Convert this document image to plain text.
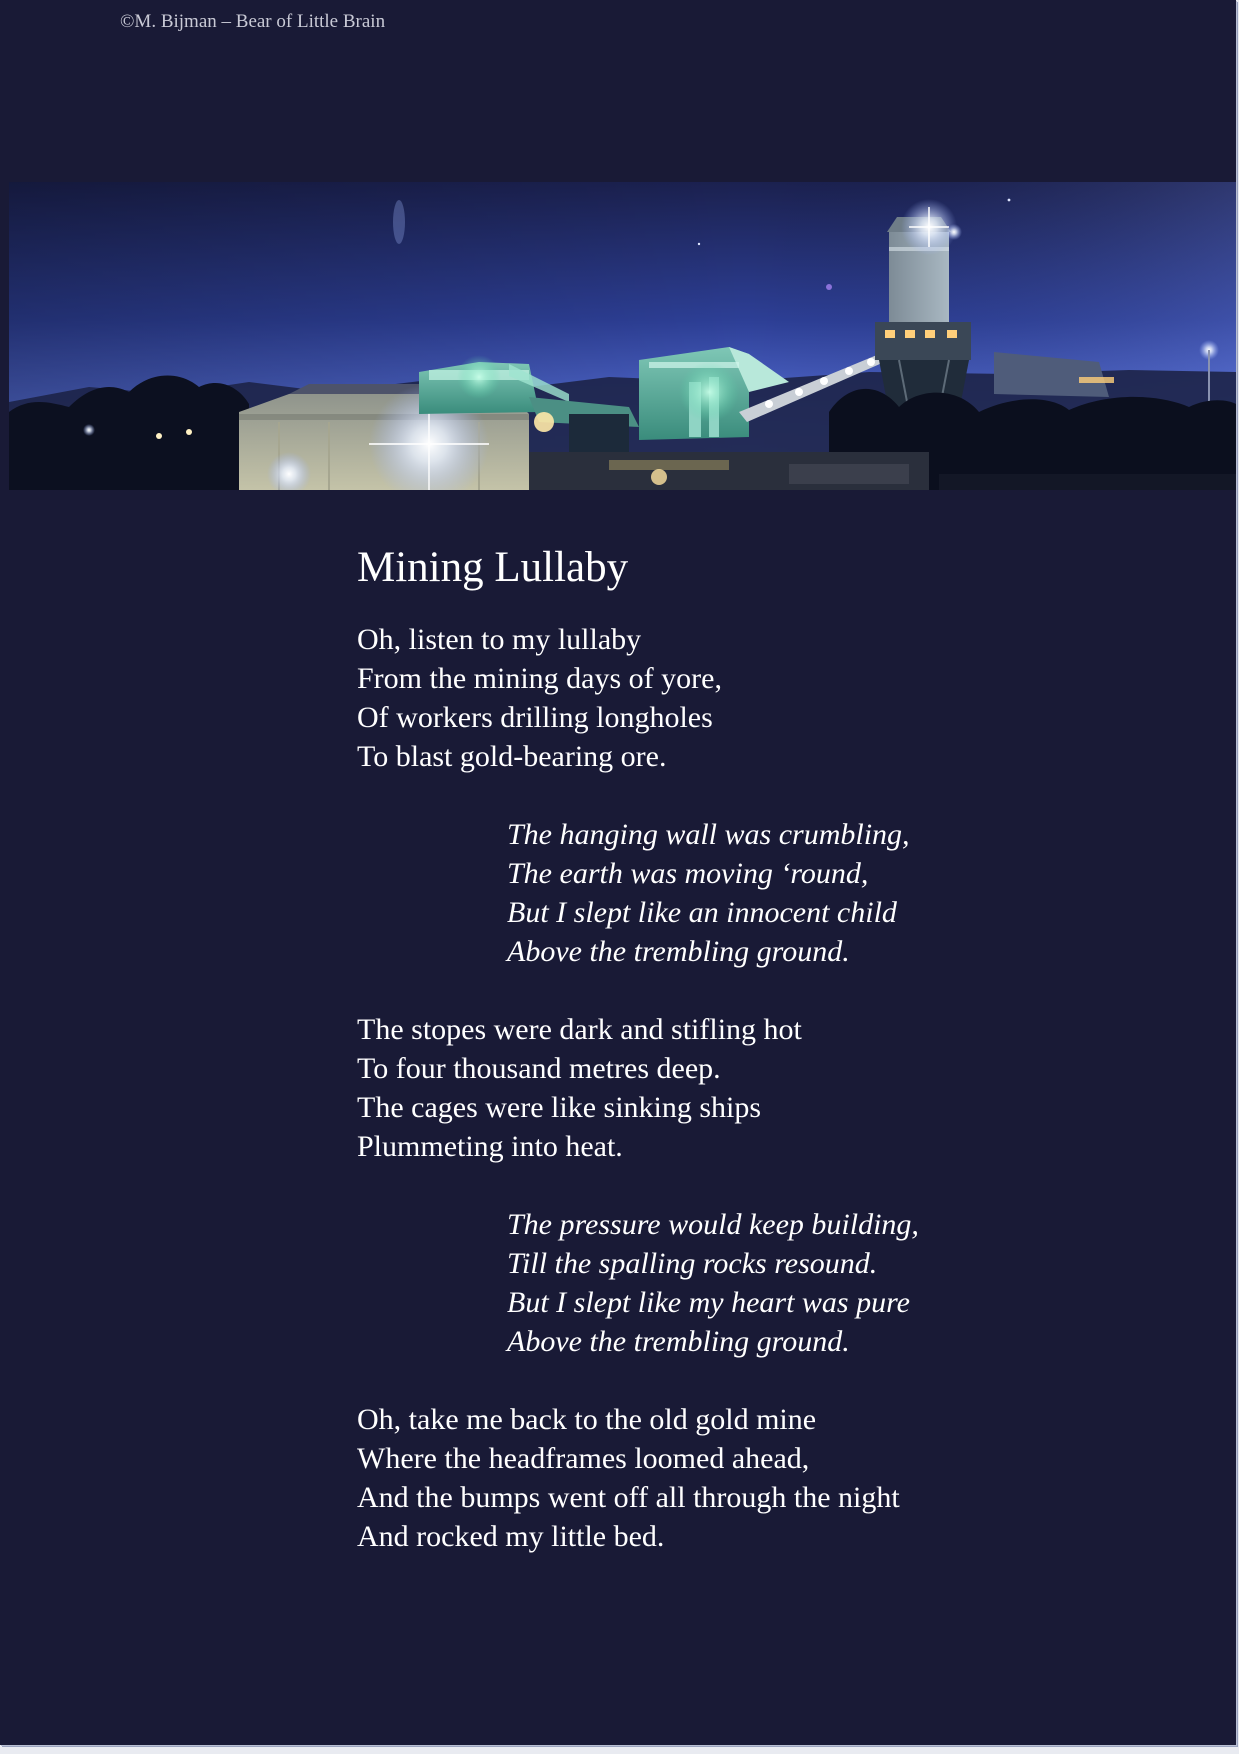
©M. Bijman – Bear of Little Brain
Mining Lullaby
Oh, listen to my lullaby
From the mining days of yore,
Of workers drilling longholes
To blast gold-bearing ore.
The hanging wall was crumbling,
The earth was moving ‘round,
But I slept like an innocent child
Above the trembling ground.
The stopes were dark and stifling hot
To four thousand metres deep.
The cages were like sinking ships
Plummeting into heat.
The pressure would keep building,
Till the spalling rocks resound.
But I slept like my heart was pure
Above the trembling ground.
Oh, take me back to the old gold mine
Where the headframes loomed ahead,
And the bumps went off all through the night
And rocked my little bed.
